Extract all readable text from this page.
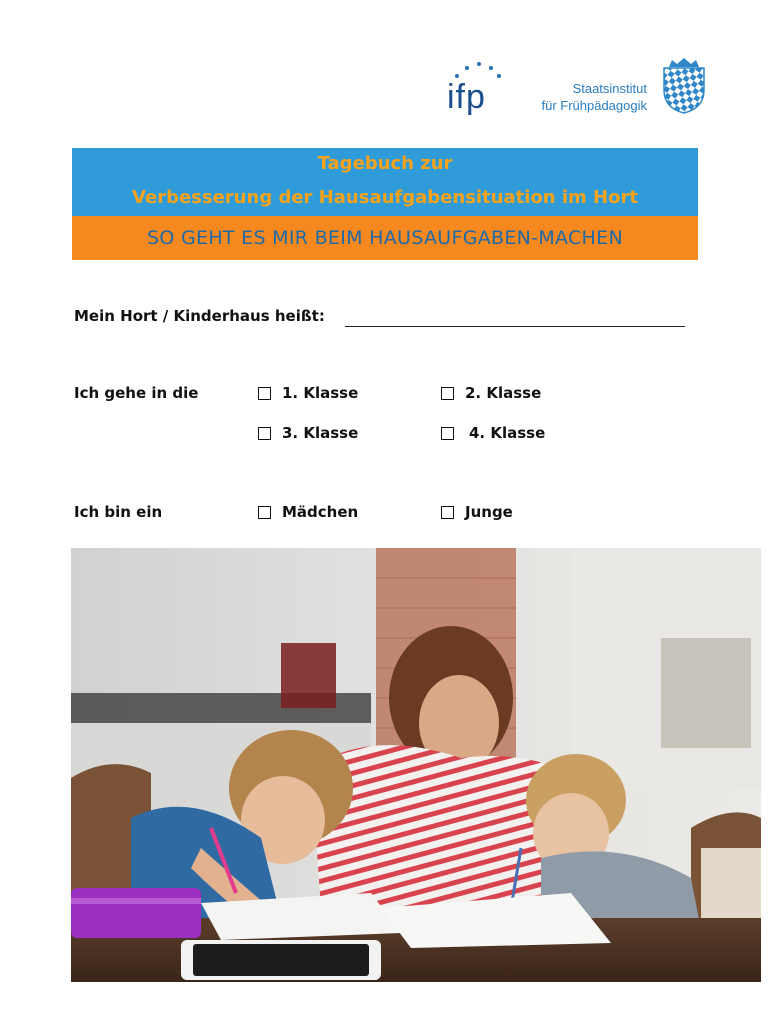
ifp	Staatsinstitut
für Frühpädagogik
Tagebuch zur
Verbesserung der Hausaufgabensituation im Hort
SO GEHT ES MIR BEIM HAUSAUFGABEN-MACHEN
Mein Hort / Kinderhaus heißt:
Ich gehe in die	1. Klasse	2. Klasse
3. Klasse	4. Klasse
Ich bin ein	Mädchen	Junge
